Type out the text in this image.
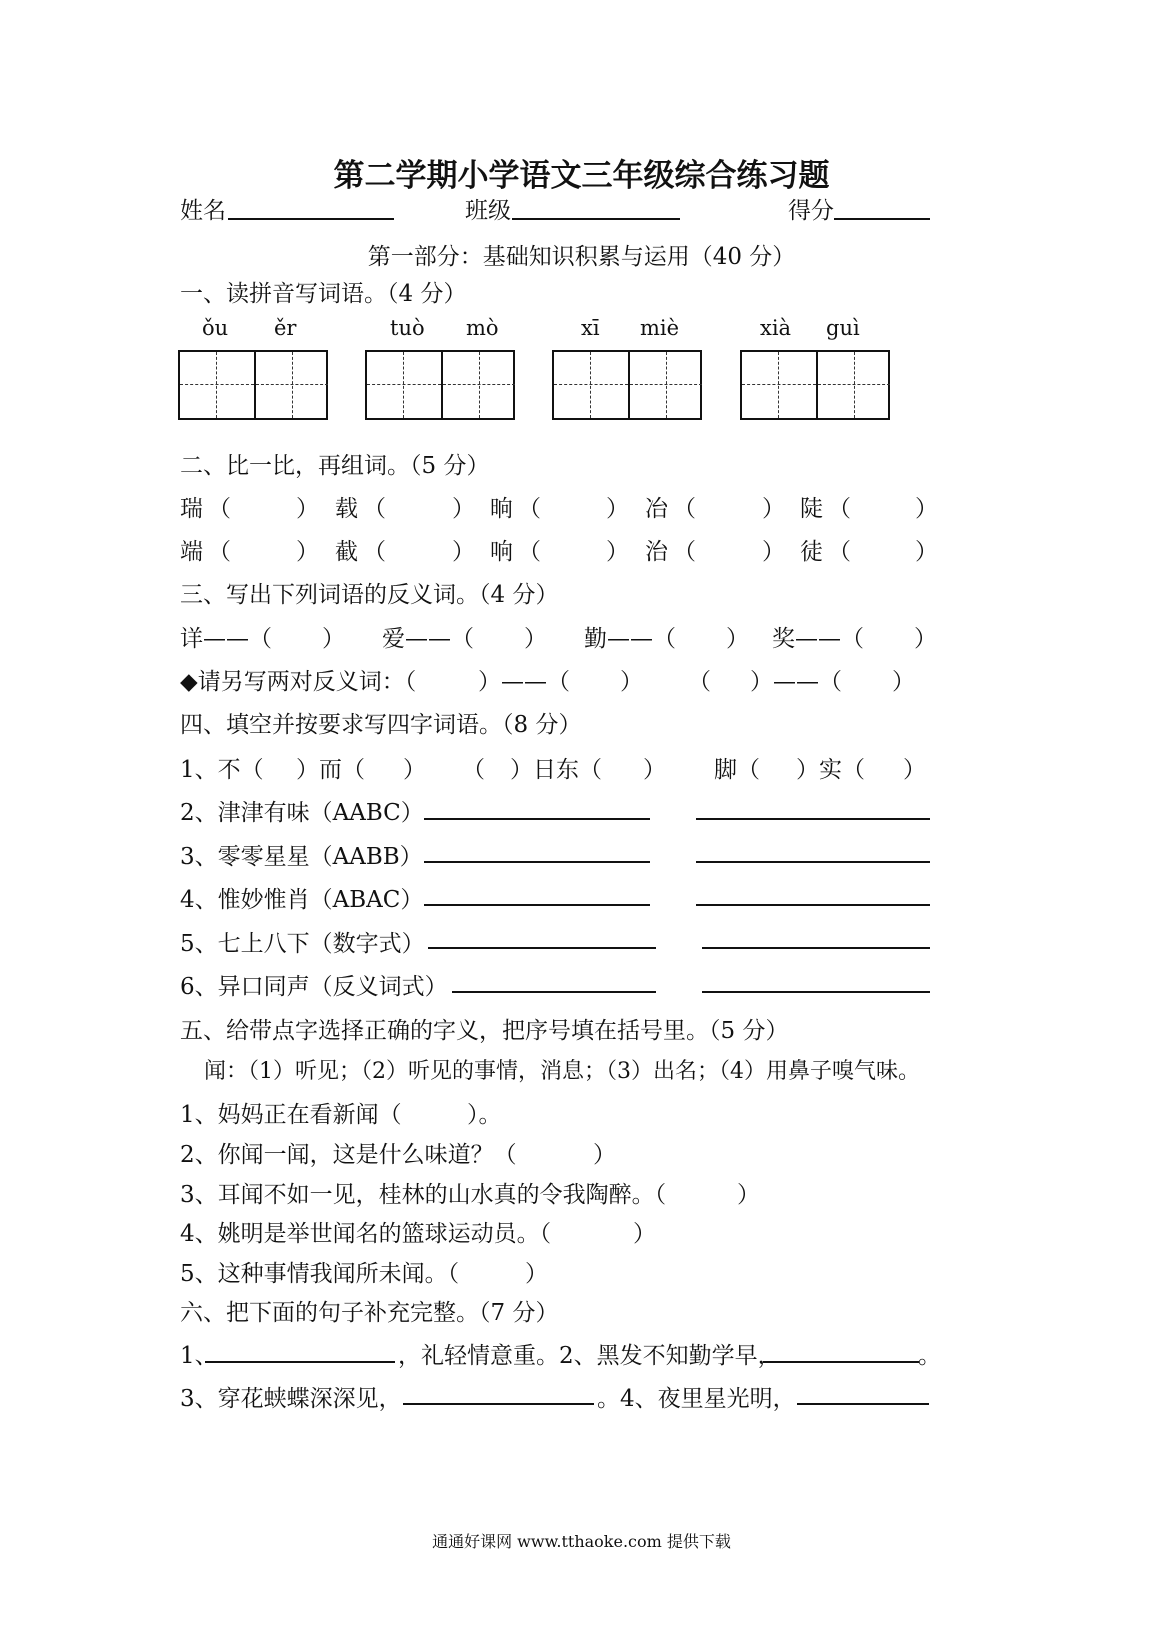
第二学期小学语文三年级综合练习题
姓名	班级	得分
第一部分：基础知识积累与运用（40 分）
一、读拼音写词语。（4 分）
ǒu ěr	tuò mò	xī miè	xià guì
二、比一比，再组词。（5 分）
瑞 （	） 载 （	） 晌 （	） 冶 （	） 陡 （	）
端 （	） 截 （	） 响 （	） 治 （	） 徒 （	）
三、写出下列词语的反义词。（4 分）
详——（ ） 爱——（ ） 勤——（ ） 奖——（ ）
◆请另写两对反义词：（	）——（ ） （ ）——（ ）
四、填空并按要求写四字词语。（8 分）
1、不（ ）而（ ） （ ）日东（ ） 脚（ ）实（ ）
2、津津有味（AABC）
3、零零星星（AABB）
4、惟妙惟肖（ABAC）
5、七上八下（数字式）
6、异口同声（反义词式）
五、给带点字选择正确的字义，把序号填在括号里。（5 分）
闻：（1）听见；（2）听见的事情，消息；（3）出名；（4）用鼻子嗅气味。
1、妈妈正在看新闻（	）。
2、你闻一闻，这是什么味道？（	）
3、耳闻不如一见，桂林的山水真的令我陶醉。（	）
4、姚明是举世闻名的篮球运动员。（	）
5、这种事情我闻所未闻。（	）
六、把下面的句子补充完整。（7 分）
1、	，礼轻情意重。2、黑发不知勤学早，	。
3、穿花蛱蝶深深见，	。4、夜里星光明，
通通好课网 www.tthaoke.com 提供下载
